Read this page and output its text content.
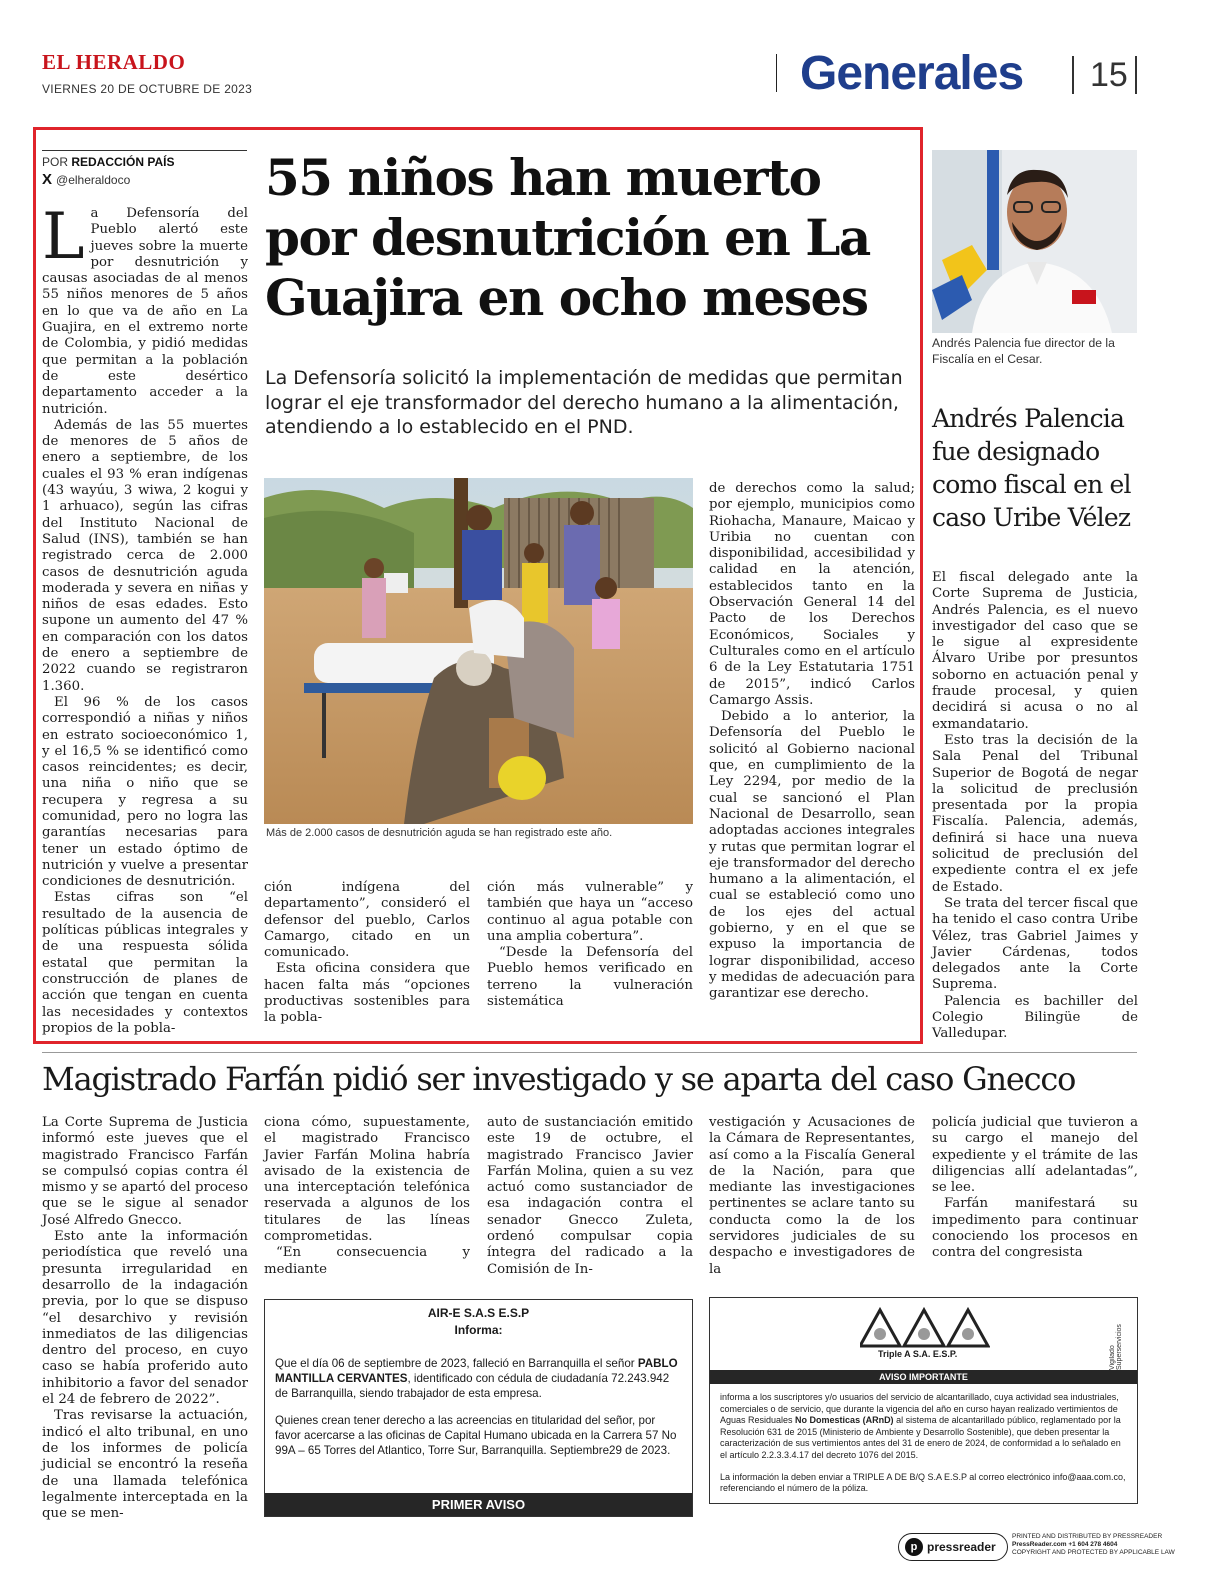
EL HERALDO
VIERNES 20 DE OCTUBRE DE 2023	Generales 15
POR REDACCIÓN PAÍS
X @elheraldoco	55 niños han muerto por desnutrición en La Guajira en ocho meses
La Defensoría solicitó la implementación de medidas que permitan lograr el eje transformador del derecho humano a la alimentación, atendiendo a lo establecido en el PND.

La Defensoría del Pueblo alertó este jueves sobre la muerte por desnutrición y causas asociadas de al menos 55 niños menores de 5 años en lo que va de año en La Guajira, en el extremo norte de Colombia, y pidió medidas que permitan a la población de este desértico departamento acceder a la nutrición.

Además de las 55 muertes de menores de 5 años de enero a septiembre, de los cuales el 93 % eran indígenas (43 wayúu, 3 wiwa, 2 kogui y 1 arhuaco), según las cifras del Instituto Nacional de Salud (INS), también se han registrado cerca de 2.000 casos de desnutrición aguda moderada y severa en niñas y niños de esas edades. Esto supone un aumento del 47 % en comparación con los datos de enero a septiembre de 2022 cuando se registraron 1.360.

El 96 % de los casos correspondió a niñas y niños en estrato socioeconómico 1, y el 16,5 % se identificó como casos reincidentes; es decir, una niña o niño que se recupera y regresa a su comunidad, pero no logra las garantías necesarias para tener un estado óptimo de nutrición y vuelve a presentar condiciones de desnutrición.

Estas cifras son “el resultado de la ausencia de políticas públicas integrales y de una respuesta sólida estatal que permitan la construcción de planes de acción que tengan en cuenta las necesidades y contextos propios de la pobla-

Más de 2.000 casos de desnutrición aguda se han registrado este año.

ción indígena del departamento”, consideró el defensor del pueblo, Carlos Camargo, citado en un comunicado.

Esta oficina considera que hacen falta más “opciones productivas sostenibles para la pobla-

ción más vulnerable” y también que haya un “acceso continuo al agua potable con una amplia cobertura”.

“Desde la Defensoría del Pueblo hemos verificado en terreno la vulneración sistemática

de derechos como la salud; por ejemplo, municipios como Riohacha, Manaure, Maicao y Uribia no cuentan con disponibilidad, accesibilidad y calidad en la atención, establecidos tanto en la Observación General 14 del Pacto de los Derechos Económicos, Sociales y Culturales como en el artículo 6 de la Ley Estatutaria 1751 de 2015”, indicó Carlos Camargo Assis.

Debido a lo anterior, la Defensoría del Pueblo le solicitó al Gobierno nacional que, en cumplimiento de la Ley 2294, por medio de la cual se sancionó el Plan Nacional de Desarrollo, sean adoptadas acciones integrales y rutas que permitan lograr el eje transformador del derecho humano a la alimentación, el cual se estableció como uno de los ejes del actual gobierno, y en el que se expuso la importancia de lograr disponibilidad, acceso y medidas de adecuación para garantizar ese derecho.

Andrés Palencia fue director de la Fiscalía en el Cesar.
Andrés Palencia fue designado como fiscal en el caso Uribe Vélez

El fiscal delegado ante la Corte Suprema de Justicia, Andrés Palencia, es el nuevo investigador del caso que se le sigue al expresidente Álvaro Uribe por presuntos soborno en actuación penal y fraude procesal, y quien decidirá si acusa o no al exmandatario.

Esto tras la decisión de la Sala Penal del Tribunal Superior de Bogotá de negar la solicitud de preclusión presentada por la propia Fiscalía. Palencia, además, definirá si hace una nueva solicitud de preclusión del expediente contra el ex jefe de Estado.

Se trata del tercer fiscal que ha tenido el caso contra Uribe Vélez, tras Gabriel Jaimes y Javier Cárdenas, todos delegados ante la Corte Suprema.

Palencia es bachiller del Colegio Bilingüe de Valledupar.

Magistrado Farfán pidió ser investigado y se aparta del caso Gnecco

La Corte Suprema de Justicia informó este jueves que el magistrado Francisco Farfán se compulsó copias contra él mismo y se apartó del proceso que se le sigue al senador José Alfredo Gnecco.

Esto ante la información periodística que reveló una presunta irregularidad en desarrollo de la indagación previa, por lo que se dispuso “el desarchivo y revisión inmediatos de las diligencias dentro del proceso, en cuyo caso se había proferido auto inhibitorio a favor del senador el 24 de febrero de 2022”.

Tras revisarse la actuación, indicó el alto tribunal, en uno de los informes de policía judicial se encontró la reseña de una llamada telefónica legalmente interceptada en la que se men-

ciona cómo, supuestamente, el magistrado Francisco Javier Farfán Molina habría avisado de la existencia de una interceptación telefónica reservada a algunos de los titulares de las líneas comprometidas.

“En consecuencia y mediante

auto de sustanciación emitido este 19 de octubre, el magistrado Francisco Javier Farfán Molina, quien a su vez actuó como sustanciador de esa indagación contra el senador Gnecco Zuleta, ordenó compulsar copia íntegra del radicado a la Comisión de In-

vestigación y Acusaciones de la Cámara de Representantes, así como a la Fiscalía General de la Nación, para que mediante las investigaciones pertinentes se aclare tanto su conducta como la de los servidores judiciales de su despacho e investigadores de la

policía judicial que tuvieron a su cargo el manejo del expediente y el trámite de las diligencias allí adelantadas”, se lee.

Farfán manifestará su impedimento para continuar conociendo los procesos en contra del congresista

AIR-E S.A.S E.S.P
Informa:
Que el día 06 de septiembre de 2023, falleció en Barranquilla el señor PABLO MANTILLA CERVANTES, identificado con cédula de ciudadanía 72.243.942 de Barranquilla, siendo trabajador de esta empresa.
Quienes crean tener derecho a las acreencias en titularidad del señor, por favor acercarse a las oficinas de Capital Humano ubicada en la Carrera 57 No 99A – 65 Torres del Atlantico, Torre Sur, Barranquilla. Septiembre29 de 2023.
PRIMER AVISO
Triple A S.A. E.S.P.	Vigilado Superservicios
AVISO IMPORTANTE
informa a los suscriptores y/o usuarios del servicio de alcantarillado, cuya actividad sea industriales, comerciales o de servicio, que durante la vigencia del año en curso hayan realizado vertimientos de Aguas Residuales No Domesticas (ARnD) al sistema de alcantarillado público, reglamentado por la Resolución 631 de 2015 (Ministerio de Ambiente y Desarrollo Sostenible), que deben presentar la caracterización de sus vertimientos antes del 31 de enero de 2024, de conformidad a lo señalado en el artículo 2.2.3.3.4.17 del decreto 1076 del 2015.
La información la deben enviar a TRIPLE A DE B/Q S.A E.S.P al correo electrónico info@aaa.com.co, referenciando el número de la póliza.
p pressreader
PRINTED AND DISTRIBUTED BY PRESSREADER
PressReader.com +1 604 278 4604
COPYRIGHT AND PROTECTED BY APPLICABLE LAW
